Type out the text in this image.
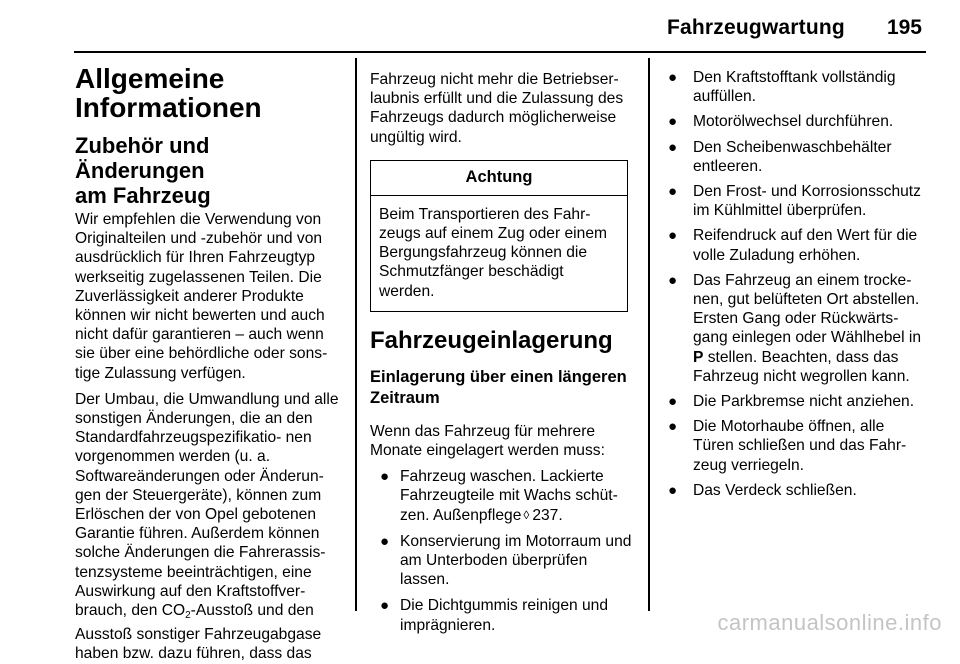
Fahrzeugwartung 195
Allgemeine
Informationen
Zubehör und Änderungen
am Fahrzeug
Wir empfehlen die Verwendung von Originalteilen und -zubehör und von ausdrücklich für Ihren Fahrzeugtyp werkseitig zugelassenen Teilen. Die Zuverlässigkeit anderer Produkte können wir nicht bewerten und auch nicht dafür garantieren – auch wenn sie über eine behördliche oder sons‐ tige Zulassung verfügen.
Der Umbau, die Umwandlung und alle sonstigen Änderungen, die an den Standardfahrzeugspezifikatio‐ nen vorgenommen werden (u. a. Softwareänderungen oder Änderun‐ gen der Steuergeräte), können zum Erlöschen der von Opel gebotenen Garantie führen. Außerdem können solche Änderungen die Fahrerassis‐ tenzsysteme beeinträchtigen, eine Auswirkung auf den Kraftstoffver‐ brauch, den $CO_2$-Ausstoß und den Ausstoß sonstiger Fahrzeugabgase haben bzw. dazu führen, dass das
Fahrzeug nicht mehr die Betriebser‐ laubnis erfüllt und die Zulassung des Fahrzeugs dadurch möglicherweise ungültig wird.
Achtung
Beim Transportieren des Fahr‐ zeugs auf einem Zug oder einem Bergungsfahrzeug können die Schmutzfänger beschädigt werden.
Fahrzeugeinlagerung
Einlagerung über einen längeren Zeitraum
Wenn das Fahrzeug für mehrere Monate eingelagert werden muss:
● Fahrzeug waschen. Lackierte Fahrzeugteile mit Wachs schüt‐ zen. Außenpflege ◊ 237.
● Konservierung im Motorraum und am Unterboden überprüfen lassen.
● Die Dichtgummis reinigen und imprägnieren.
●	Den Kraftstofftank vollständig auffüllen.
●	Motorölwechsel durchführen.
●	Den Scheibenwaschbehälter entleeren.
●	Den Frost- und Korrosionsschutz im Kühlmittel überprüfen.
●	Reifendruck auf den Wert für die volle Zuladung erhöhen.
●	Das Fahrzeug an einem trocke‐ nen, gut belüfteten Ort abstellen. Ersten Gang oder Rückwärts‐ gang einlegen oder Wählhebel in P stellen. Beachten, dass das Fahrzeug nicht wegrollen kann.
●	Die Parkbremse nicht anziehen.
●	Die Motorhaube öffnen, alle Türen schließen und das Fahr‐ zeug verriegeln.
●	Das Verdeck schließen.
carmanualsonline.info
